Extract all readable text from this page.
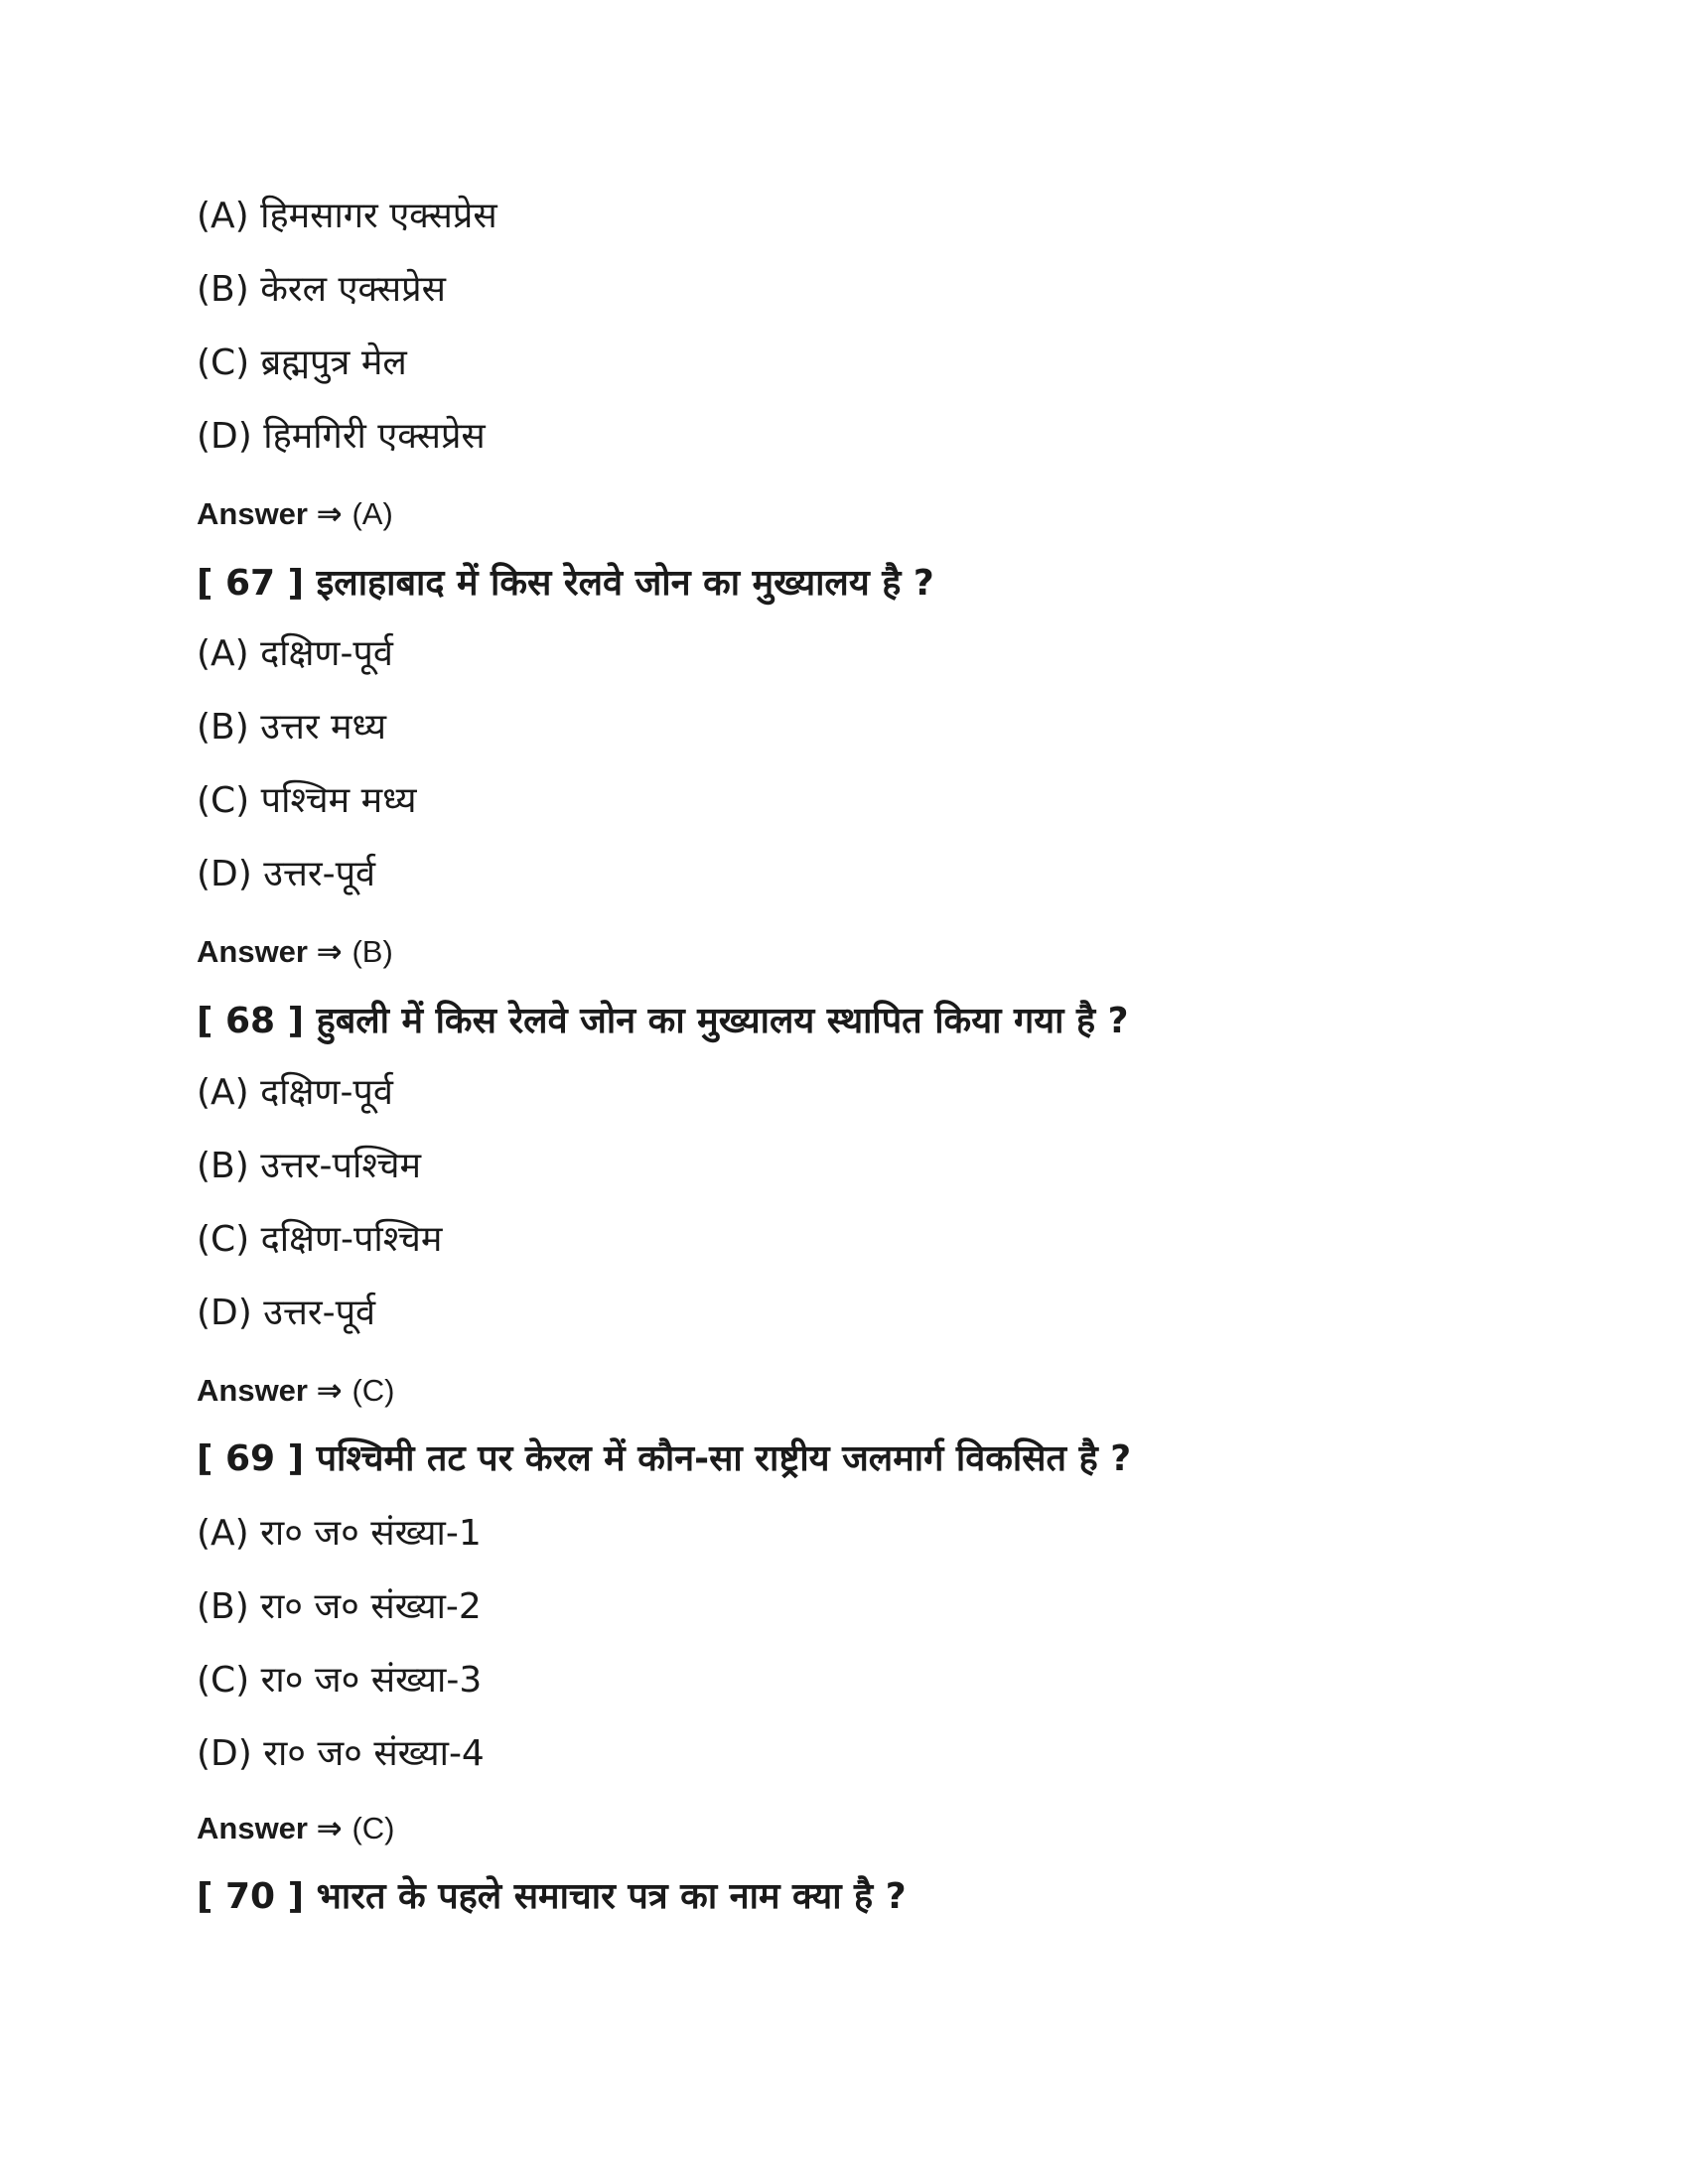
(A) हिमसागर एक्सप्रेस
(B) केरल एक्सप्रेस
(C) ब्रह्मपुत्र मेल
(D) हिमगिरी एक्सप्रेस
Answer ⇒ (A)
[ 67 ] इलाहाबाद में किस रेलवे जोन का मुख्यालय है ?
(A) दक्षिण-पूर्व
(B) उत्तर मध्य
(C) पश्चिम मध्य
(D) उत्तर-पूर्व
Answer ⇒ (B)
[ 68 ] हुबली में किस रेलवे जोन का मुख्यालय स्थापित किया गया है ?
(A) दक्षिण-पूर्व
(B) उत्तर-पश्चिम
(C) दक्षिण-पश्चिम
(D) उत्तर-पूर्व
Answer ⇒ (C)
[ 69 ] पश्चिमी तट पर केरल में कौन-सा राष्ट्रीय जलमार्ग विकसित है ?
(A) रा० ज० संख्या-1
(B) रा० ज० संख्या-2
(C) रा० ज० संख्या-3
(D) रा० ज० संख्या-4
Answer ⇒ (C)
[ 70 ] भारत के पहले समाचार पत्र का नाम क्या है ?
